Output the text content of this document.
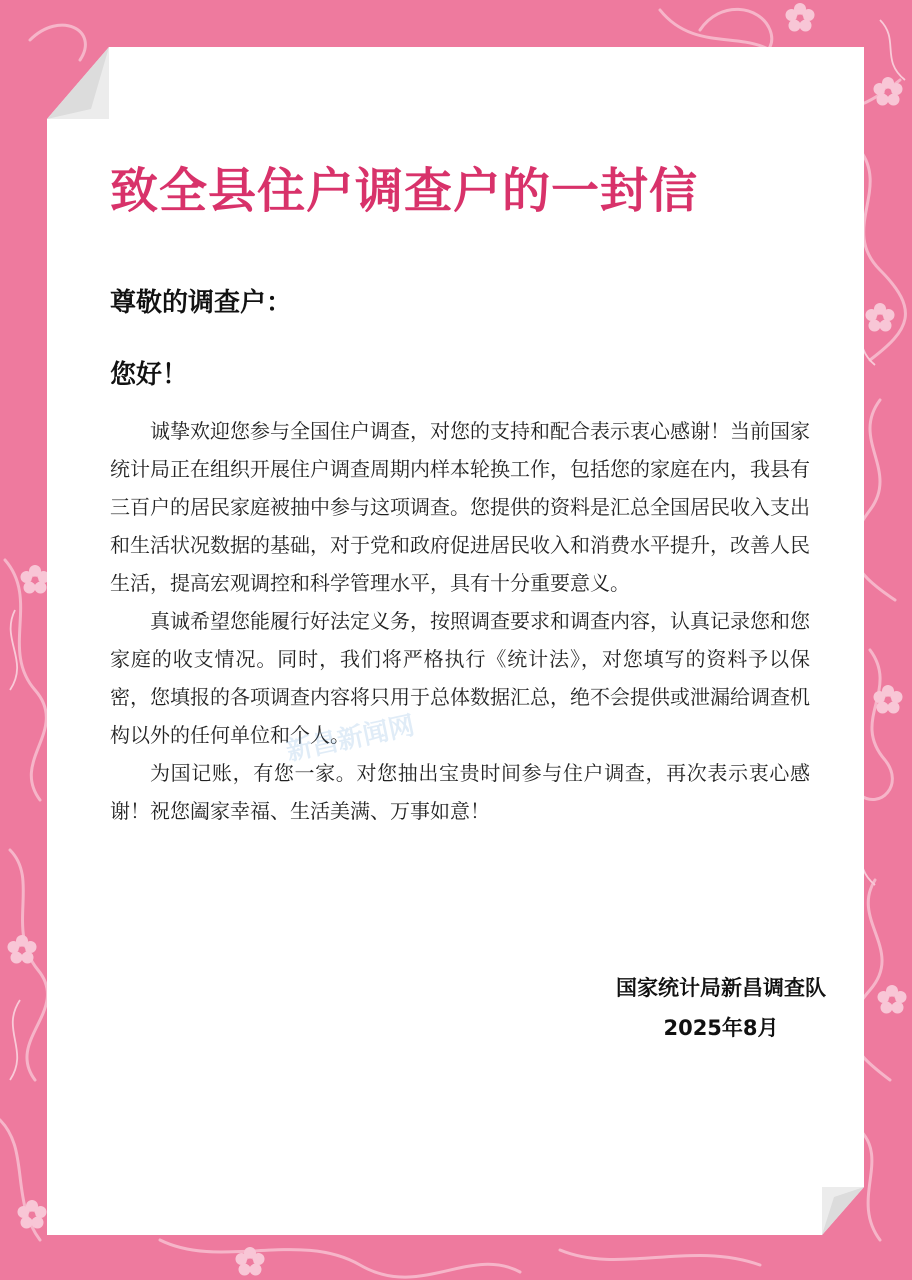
致全县住户调查户的一封信
尊敬的调查户：
您好！

诚挚欢迎您参与全国住户调查，对您的支持和配合表示衷心感谢！当前国家统计局正在组织开展住户调查周期内样本轮换工作，包括您的家庭在内，我县有三百户的居民家庭被抽中参与这项调查。您提供的资料是汇总全国居民收入支出和生活状况数据的基础，对于党和政府促进居民收入和消费水平提升，改善人民生活，提高宏观调控和科学管理水平，具有十分重要意义。

真诚希望您能履行好法定义务，按照调查要求和调查内容，认真记录您和您家庭的收支情况。同时，我们将严格执行《统计法》，对您填写的资料予以保密，您填报的各项调查内容将只用于总体数据汇总，绝不会提供或泄漏给调查机构以外的任何单位和个人。

为国记账，有您一家。对您抽出宝贵时间参与住户调查，再次表示衷心感谢！祝您阖家幸福、生活美满、万事如意！

新昌新闻网
国家统计局新昌调查队
2025年8月
